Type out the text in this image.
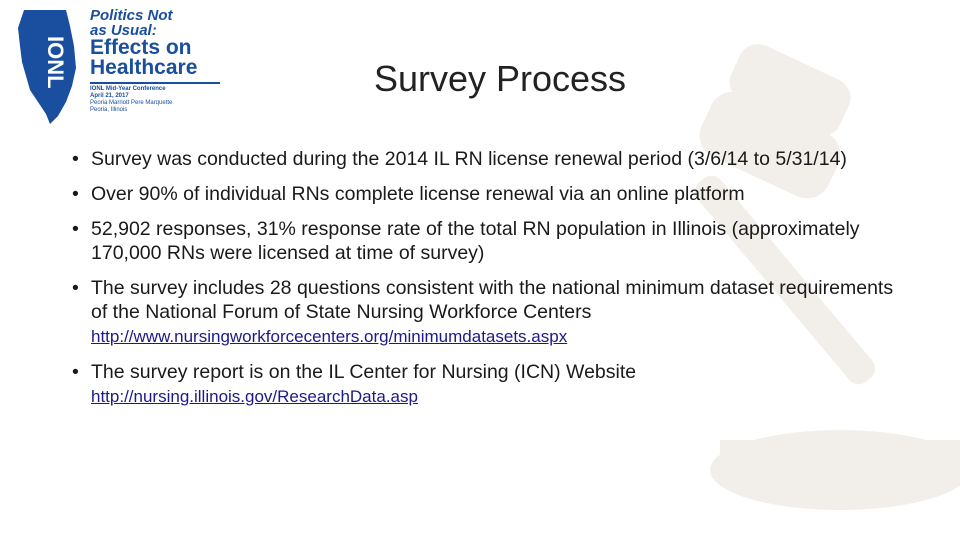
IONL
Politics Not
as Usual:
Effects on
Healthcare
IONL Mid-Year Conference
April 21, 2017
Peoria Marriott Pere Marquette
Peoria, Illinois
Survey Process
• Survey was conducted during the 2014 IL RN license renewal period (3/6/14 to 5/31/14)
• Over 90% of individual RNs complete license renewal via an online platform
• 52,902 responses, 31% response rate of the total RN population in Illinois (approximately 170,000 RNs were licensed at time of survey)
• The survey includes 28 questions consistent with the national minimum dataset requirements of the National Forum of State Nursing Workforce Centers http://www.nursingworkforcecenters.org/minimumdatasets.aspx
• The survey report is on the IL Center for Nursing (ICN) Website
http://nursing.illinois.gov/ResearchData.asp
